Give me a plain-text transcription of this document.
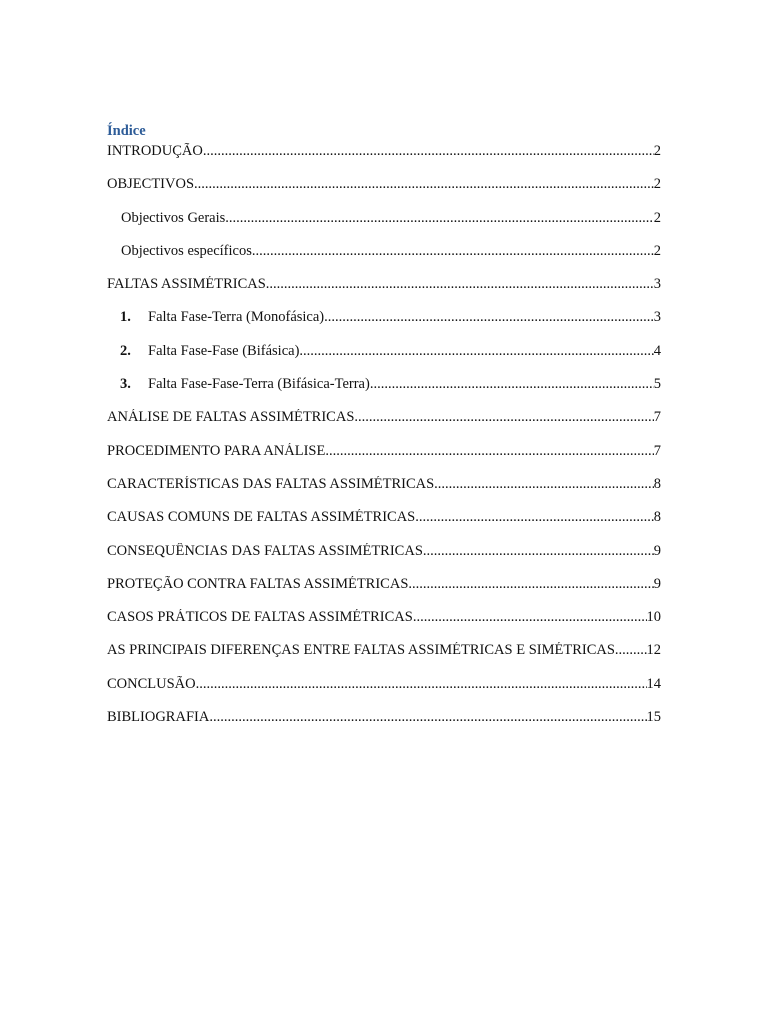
Índice
INTRODUÇÃO .....	2
OBJECTIVOS .....	2
Objectivos Gerais .....	2
Objectivos específicos .....	2
FALTAS ASSIMÉTRICAS .....	3
1.	Falta Fase-Terra (Monofásica) .....	3
2.	Falta Fase-Fase (Bifásica) .....	4
3.	Falta Fase-Fase-Terra (Bifásica-Terra) .....	5
ANÁLISE DE FALTAS ASSIMÉTRICAS .....	7
PROCEDIMENTO PARA ANÁLISE .....	7
CARACTERÍSTICAS DAS FALTAS ASSIMÉTRICAS .....	8
CAUSAS COMUNS DE FALTAS ASSIMÉTRICAS .....	8
CONSEQUÊNCIAS DAS FALTAS ASSIMÉTRICAS .....	9
PROTEÇÃO CONTRA FALTAS ASSIMÉTRICAS .....	9
CASOS PRÁTICOS DE FALTAS ASSIMÉTRICAS .....	10
AS PRINCIPAIS DIFERENÇAS ENTRE FALTAS ASSIMÉTRICAS E SIMÉTRICAS ..... 12
CONCLUSÃO .....	14
BIBLIOGRAFIA .....	15
